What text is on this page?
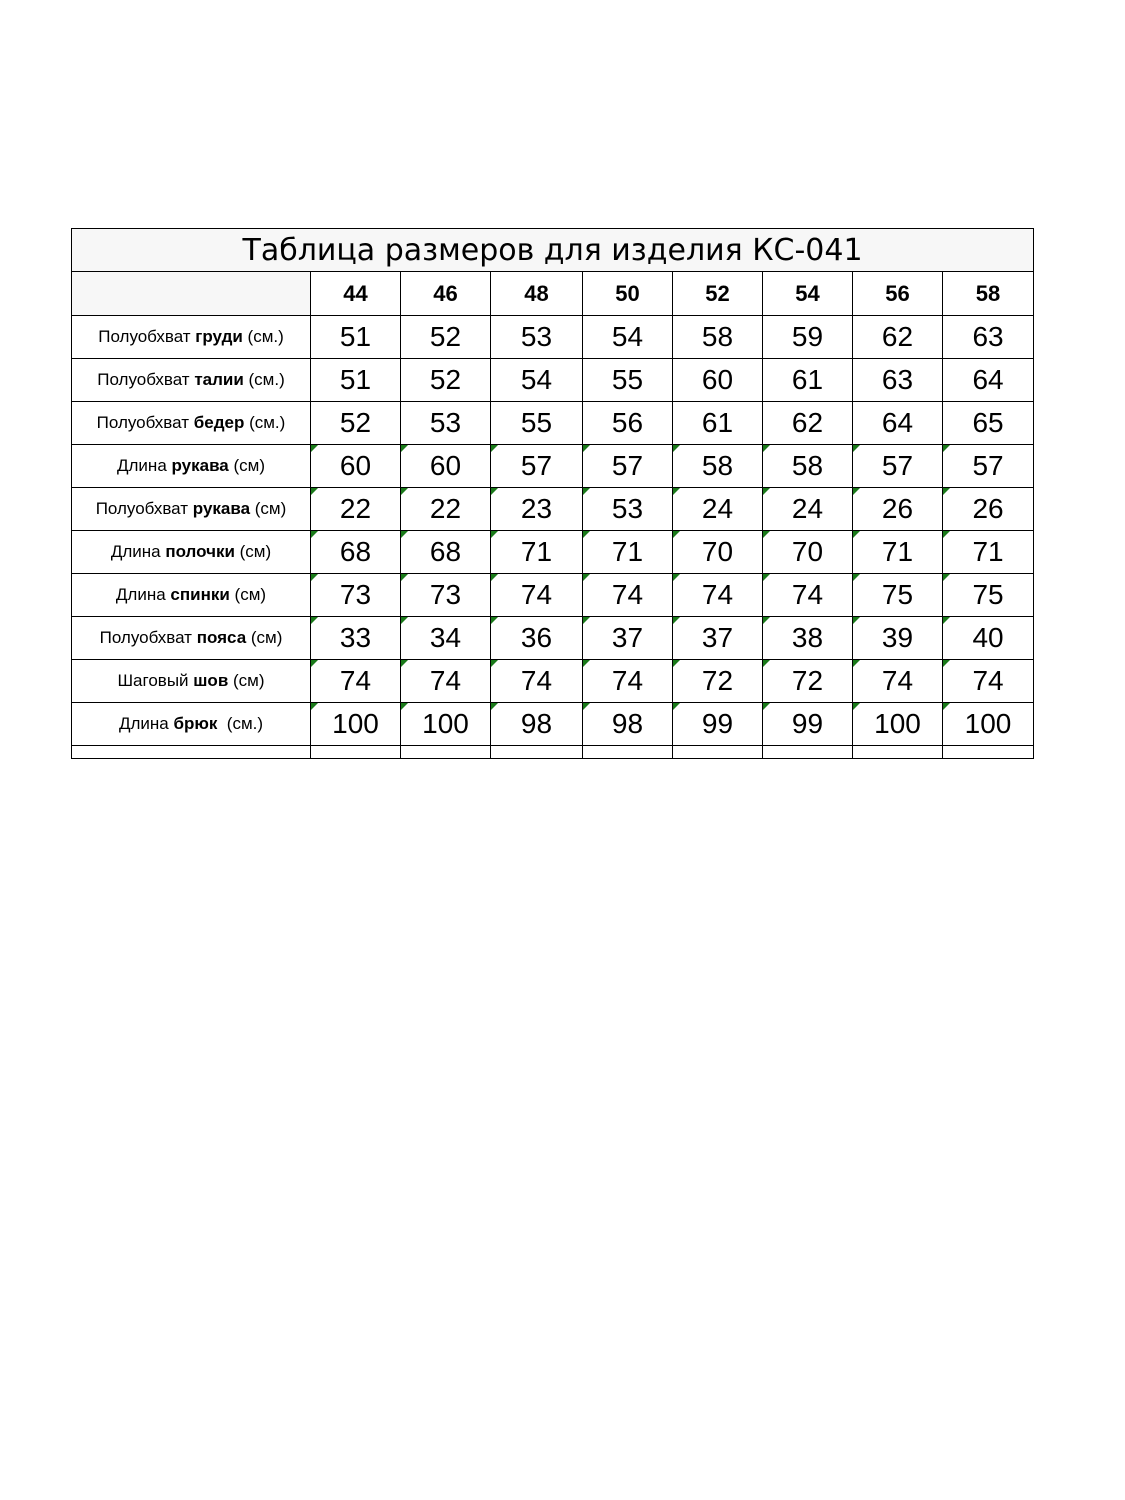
Таблица размеров для изделия КС-041								
	44	46	48	50	52	54	56	58
Полуобхват груди (см.)	51	52	53	54	58	59	62	63
Полуобхват талии (см.)	51	52	54	55	60	61	63	64
Полуобхват бедер (см.)	52	53	55	56	61	62	64	65
Длина рукава (см)	60	60	57	57	58	58	57	57
Полуобхват рукава (см)	22	22	23	53	24	24	26	26
Длина полочки (см)	68	68	71	71	70	70	71	71
Длина спинки (см)	73	73	74	74	74	74	75	75
Полуобхват пояса (см)	33	34	36	37	37	38	39	40
Шаговый шов (см)	74	74	74	74	72	72	74	74
Длина брюк  (см.)	100	100	98	98	99	99	100	100
